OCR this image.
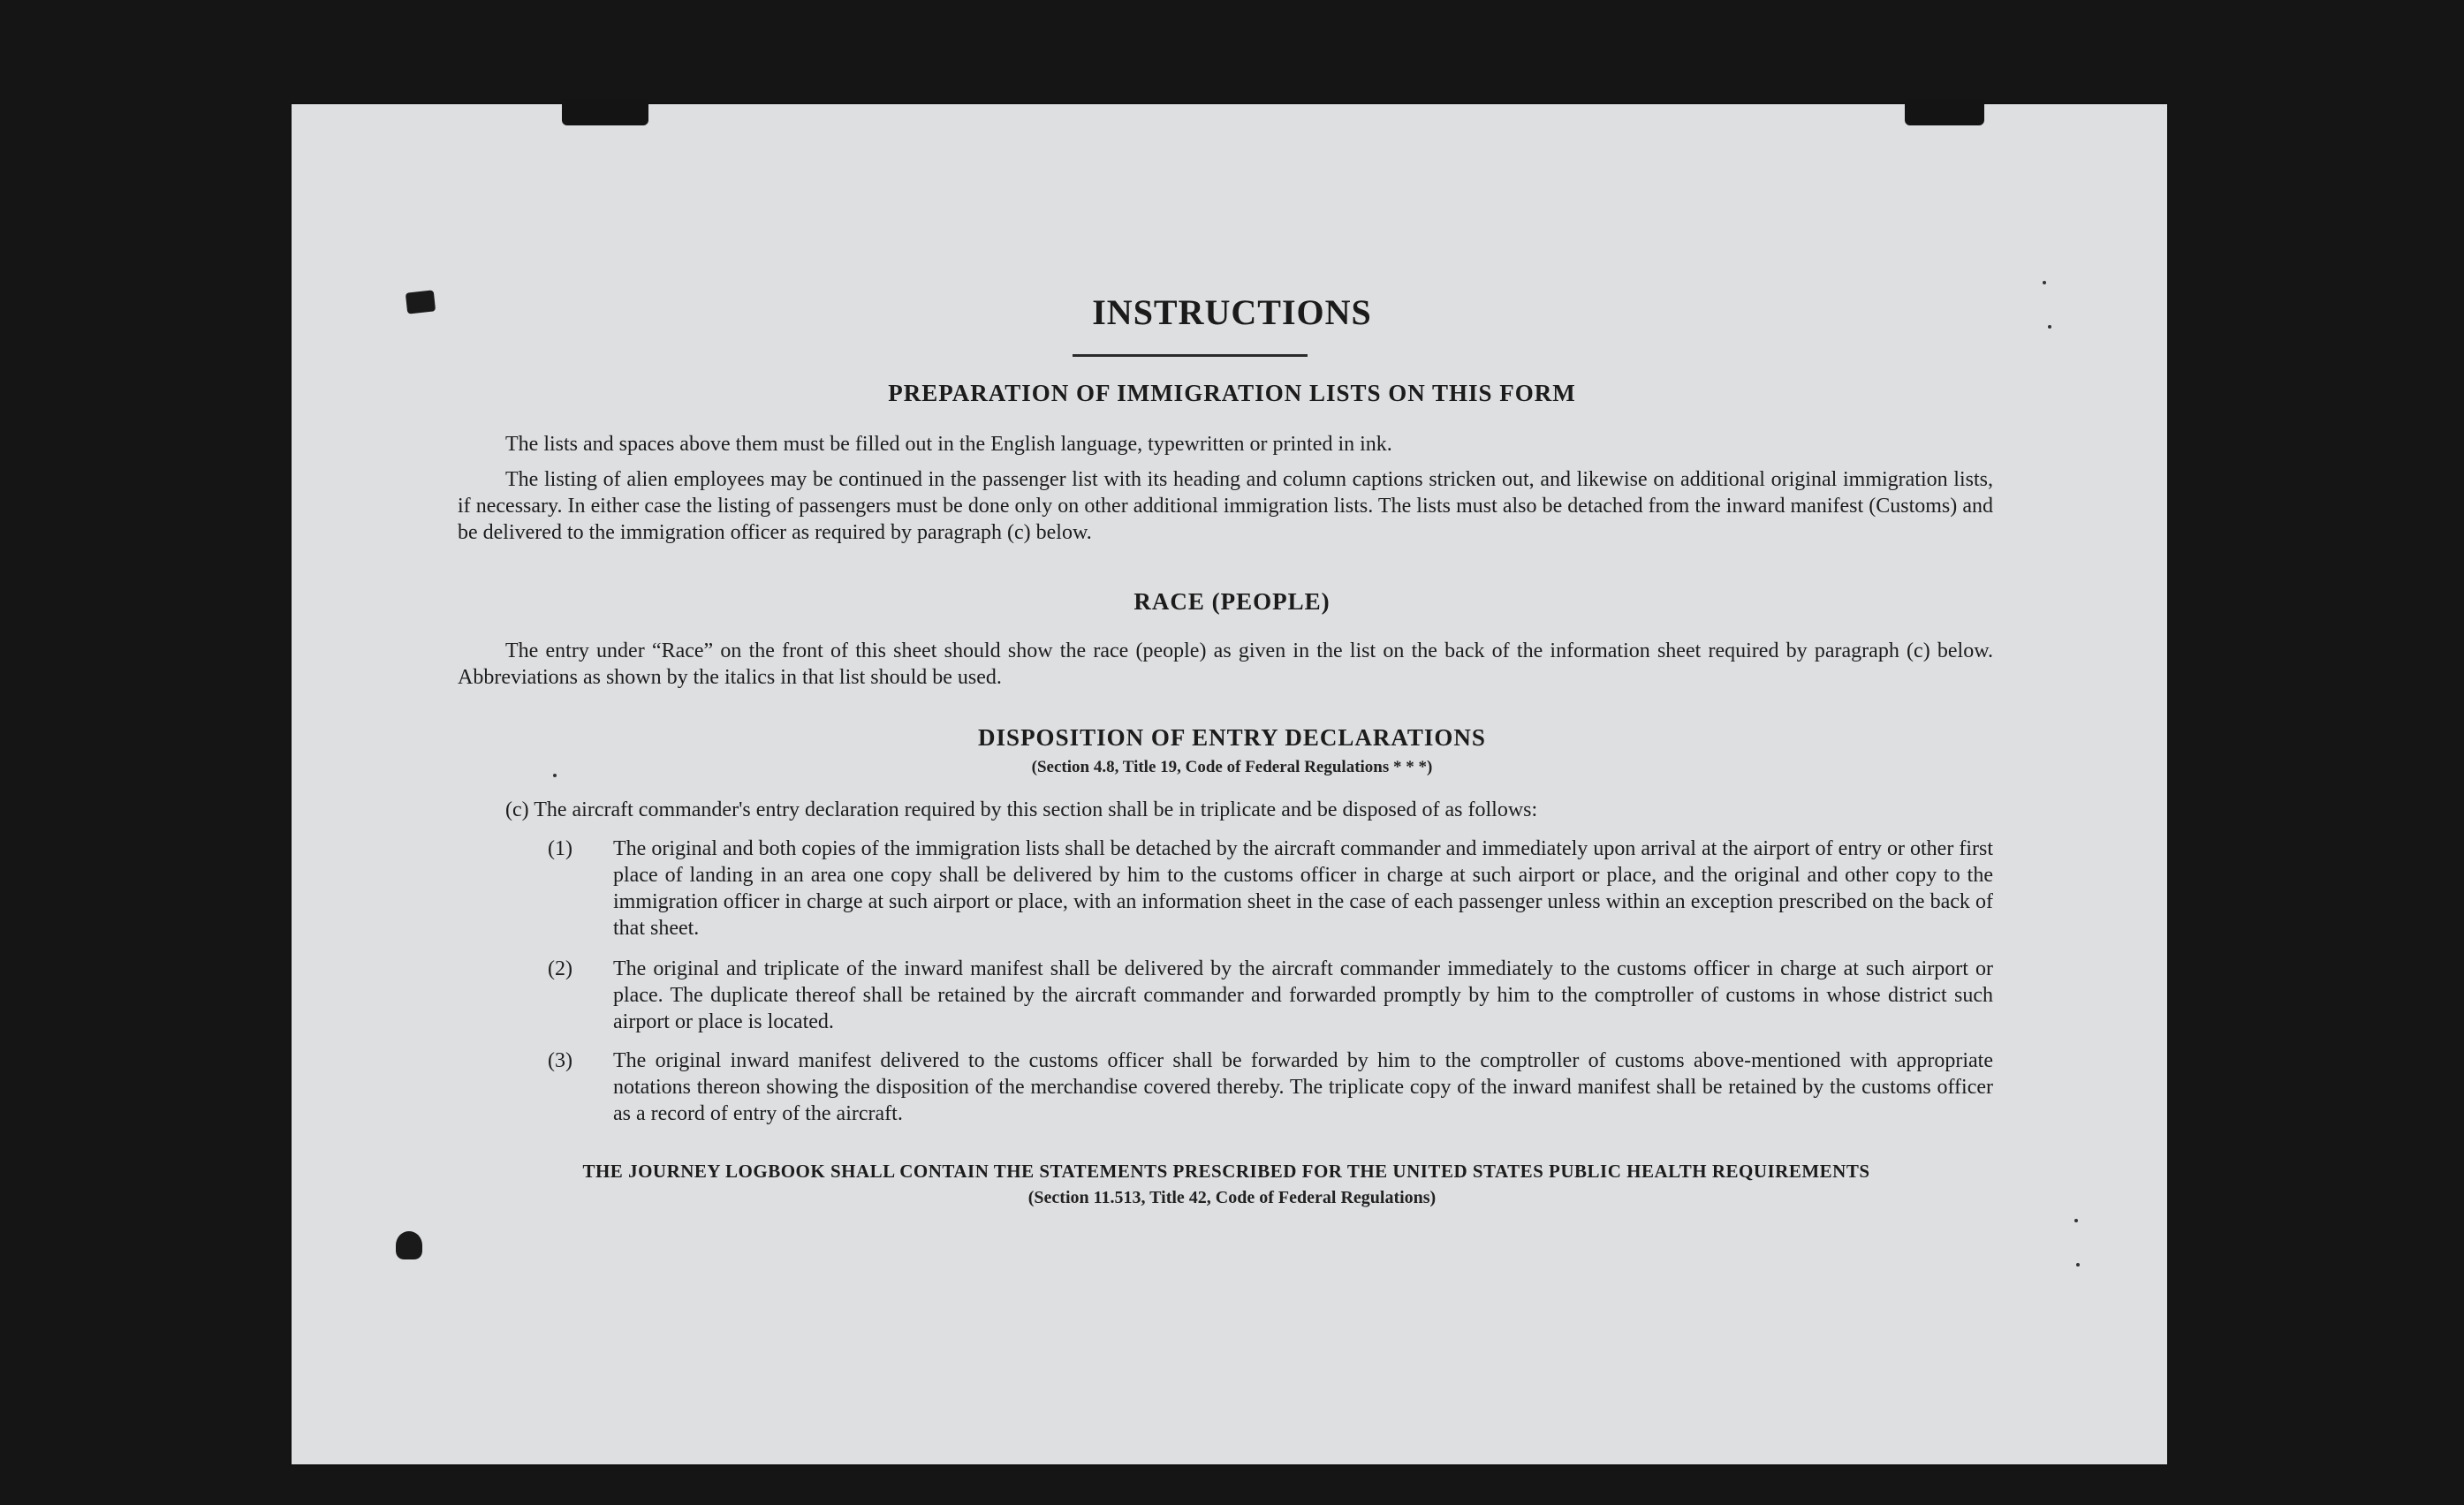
INSTRUCTIONS
PREPARATION OF IMMIGRATION LISTS ON THIS FORM
The lists and spaces above them must be filled out in the English language, typewritten or printed in ink.
The listing of alien employees may be continued in the passenger list with its heading and column captions stricken out, and likewise on additional original immigration lists, if necessary. In either case the listing of passengers must be done only on other additional immigration lists. The lists must also be detached from the inward manifest (Customs) and be delivered to the immigration officer as required by paragraph (c) below.
RACE (PEOPLE)
The entry under “Race” on the front of this sheet should show the race (people) as given in the list on the back of the information sheet required by paragraph (c) below. Abbreviations as shown by the italics in that list should be used.
DISPOSITION OF ENTRY DECLARATIONS
(Section 4.8, Title 19, Code of Federal Regulations * * *)
(c) The aircraft commander's entry declaration required by this section shall be in triplicate and be disposed of as follows:
(1) The original and both copies of the immigration lists shall be detached by the aircraft commander and immediately upon arrival at the airport of entry or other first place of landing in an area one copy shall be delivered by him to the customs officer in charge at such airport or place, and the original and other copy to the immigration officer in charge at such airport or place, with an information sheet in the case of each passenger unless within an exception prescribed on the back of that sheet.
(2) The original and triplicate of the inward manifest shall be delivered by the aircraft commander immediately to the customs officer in charge at such airport or place. The duplicate thereof shall be retained by the aircraft commander and forwarded promptly by him to the comptroller of customs in whose district such airport or place is located.
(3) The original inward manifest delivered to the customs officer shall be forwarded by him to the comptroller of customs above-mentioned with appropriate notations thereon showing the disposition of the merchandise covered thereby. The triplicate copy of the inward manifest shall be retained by the customs officer as a record of entry of the aircraft.
THE JOURNEY LOGBOOK SHALL CONTAIN THE STATEMENTS PRESCRIBED FOR THE UNITED STATES PUBLIC HEALTH REQUIREMENTS
(Section 11.513, Title 42, Code of Federal Regulations)
